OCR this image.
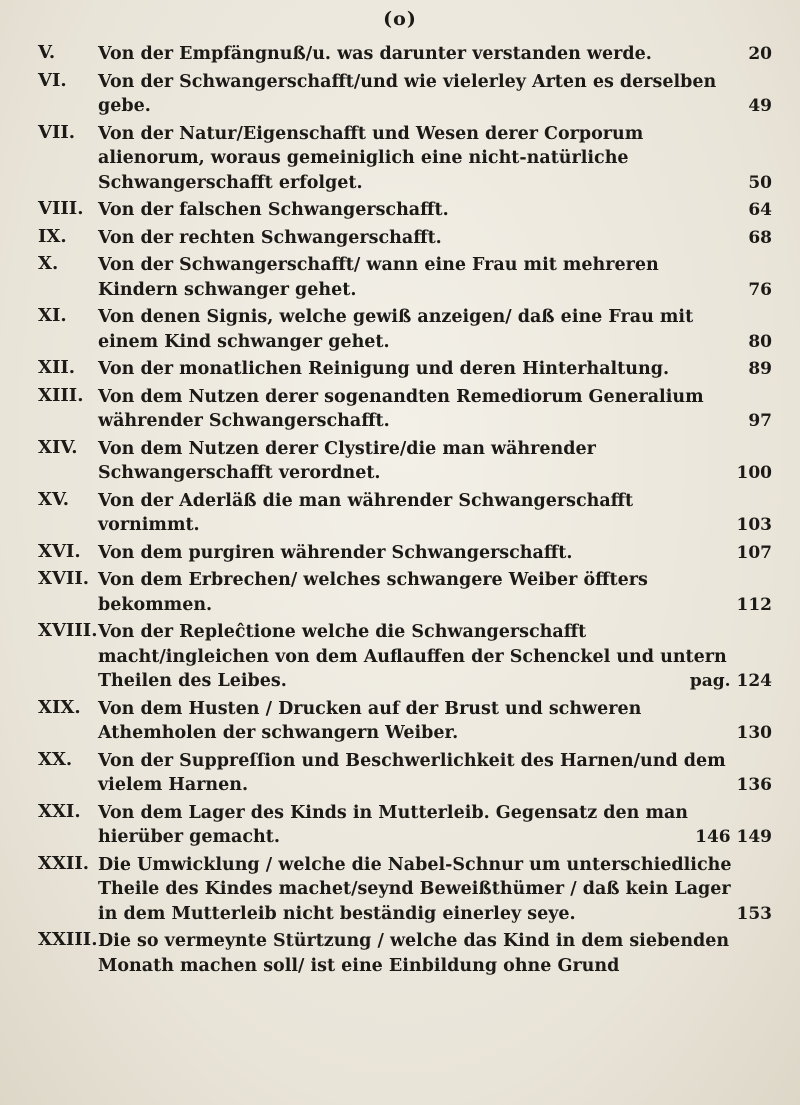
(o)
V.	Von der Empfängnuß/u. was darunter verstanden werde.	20
VI.	Von der Schwangerschafft/und wie vielerley Arten es derselben gebe.	49
VII.	Von der Natur/Eigenschafft und Wesen derer Corporum alienorum, woraus gemeiniglich eine nicht-natürliche Schwangerschafft erfolget.	50
VIII. Von der falschen Schwangerschafft.	64
IX.	Von der rechten Schwangerschafft.	68
X.	Von der Schwangerschafft/ wann eine Frau mit mehreren Kindern schwanger gehet.	76
XI.	Von denen Signis, welche gewiß anzeigen/ daß eine Frau mit einem Kind schwanger gehet.	80
XII.	Von der monatlichen Reinigung und deren Hinterhaltung.	89
XIII. Von dem Nutzen derer sogenandten Remediorum Generalium währender Schwangerschafft.	97
XIV.	Von dem Nutzen derer Clystire/die man währender Schwangerschafft verordnet.	100
XV.	Von der Aderläß die man währender Schwangerschafft vornimmt.	103
XVI. Von dem purgiren währender Schwangerschafft.	107
XVII. Von dem Erbrechen/ welches schwangere Weiber öffters bekommen.	112
XVIII. Von der Repleĉtione welche die Schwangerschafft macht/ingleichen von dem Auflauffen der Schenckel und untern Theilen des Leibes.	pag. 124
XIX. Von dem Husten / Drucken auf der Brust und schweren Athemholen der schwangern Weiber.	130
XX.	Von der Suppreſſion und Beschwerlichkeit des Harnen/und dem vielem Harnen.	136
XXI. Von dem Lager des Kinds in Mutterleib. Gegensatz den man hierüber gemacht.	146 149
XXII. Die Umwicklung / welche die Nabel-Schnur um unterschiedliche Theile des Kindes machet/seynd Beweißthümer / daß kein Lager in dem Mutterleib nicht beständig einerley seye.	153
XXIII. Die so vermeynte Stürtzung / welche das Kind in dem siebenden Monath machen soll/ ist eine Einbildung ohne Grund
